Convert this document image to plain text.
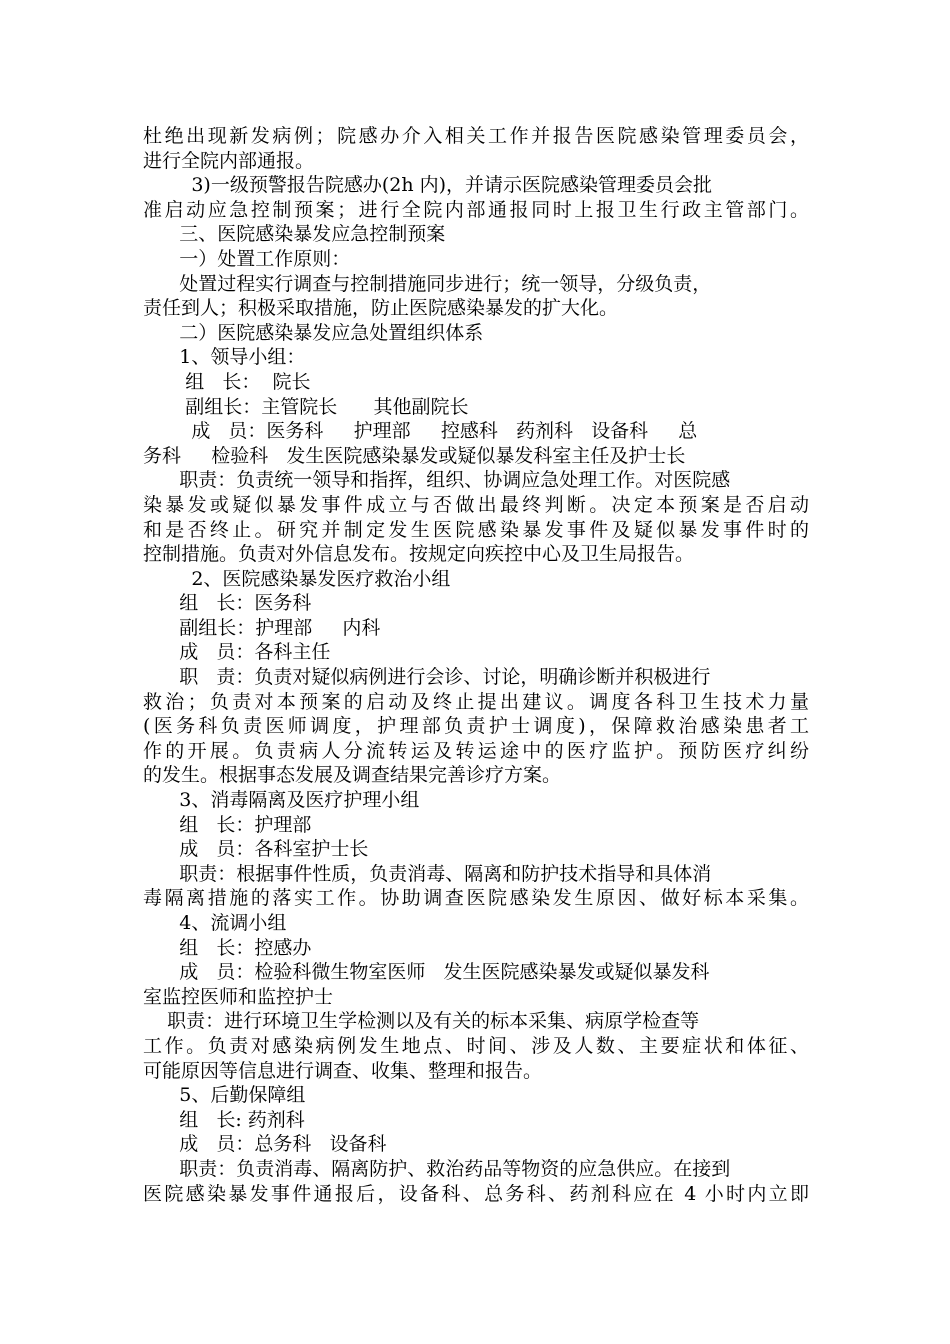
杜绝出现新发病例；院感办介入相关工作并报告医院感染管理委员会，
进行全院内部通报。
3)一级预警报告院感办(2h 内)，并请示医院感染管理委员会批
准启动应急控制预案；进行全院内部通报同时上报卫生行政主管部门。
三、医院感染暴发应急控制预案
一）处置工作原则：
处置过程实行调查与控制措施同步进行；统一领导，分级负责，
责任到人；积极采取措施，防止医院感染暴发的扩大化。
二）医院感染暴发应急处置组织体系
1、领导小组：
组   长：  院长
副组长：主管院长      其他副院长
成   员：医务科     护理部     控感科   药剂科   设备科     总
务科     检验科   发生医院感染暴发或疑似暴发科室主任及护士长
职责：负责统一领导和指挥，组织、协调应急处理工作。对医院感
染暴发或疑似暴发事件成立与否做出最终判断。决定本预案是否启动
和是否终止。研究并制定发生医院感染暴发事件及疑似暴发事件时的
控制措施。负责对外信息发布。按规定向疾控中心及卫生局报告。
2、医院感染暴发医疗救治小组
组   长：医务科
副组长：护理部     内科
成   员：各科主任
职   责：负责对疑似病例进行会诊、讨论，明确诊断并积极进行
救治；负责对本预案的启动及终止提出建议。调度各科卫生技术力量
(医务科负责医师调度，护理部负责护士调度)，保障救治感染患者工
作的开展。负责病人分流转运及转运途中的医疗监护。预防医疗纠纷
的发生。根据事态发展及调查结果完善诊疗方案。
3、消毒隔离及医疗护理小组
组   长：护理部
成   员：各科室护士长
职责：根据事件性质，负责消毒、隔离和防护技术指导和具体消
毒隔离措施的落实工作。协助调查医院感染发生原因、做好标本采集。
4、流调小组
组   长：控感办
成   员：检验科微生物室医师   发生医院感染暴发或疑似暴发科
室监控医师和监控护士
职责：进行环境卫生学检测以及有关的标本采集、病原学检查等
工作。负责对感染病例发生地点、时间、涉及人数、主要症状和体征、
可能原因等信息进行调查、收集、整理和报告。
5、后勤保障组
组   长: 药剂科
成   员：总务科   设备科
职责：负责消毒、隔离防护、救治药品等物资的应急供应。在接到
医院感染暴发事件通报后，设备科、总务科、药剂科应在 4 小时内立即
